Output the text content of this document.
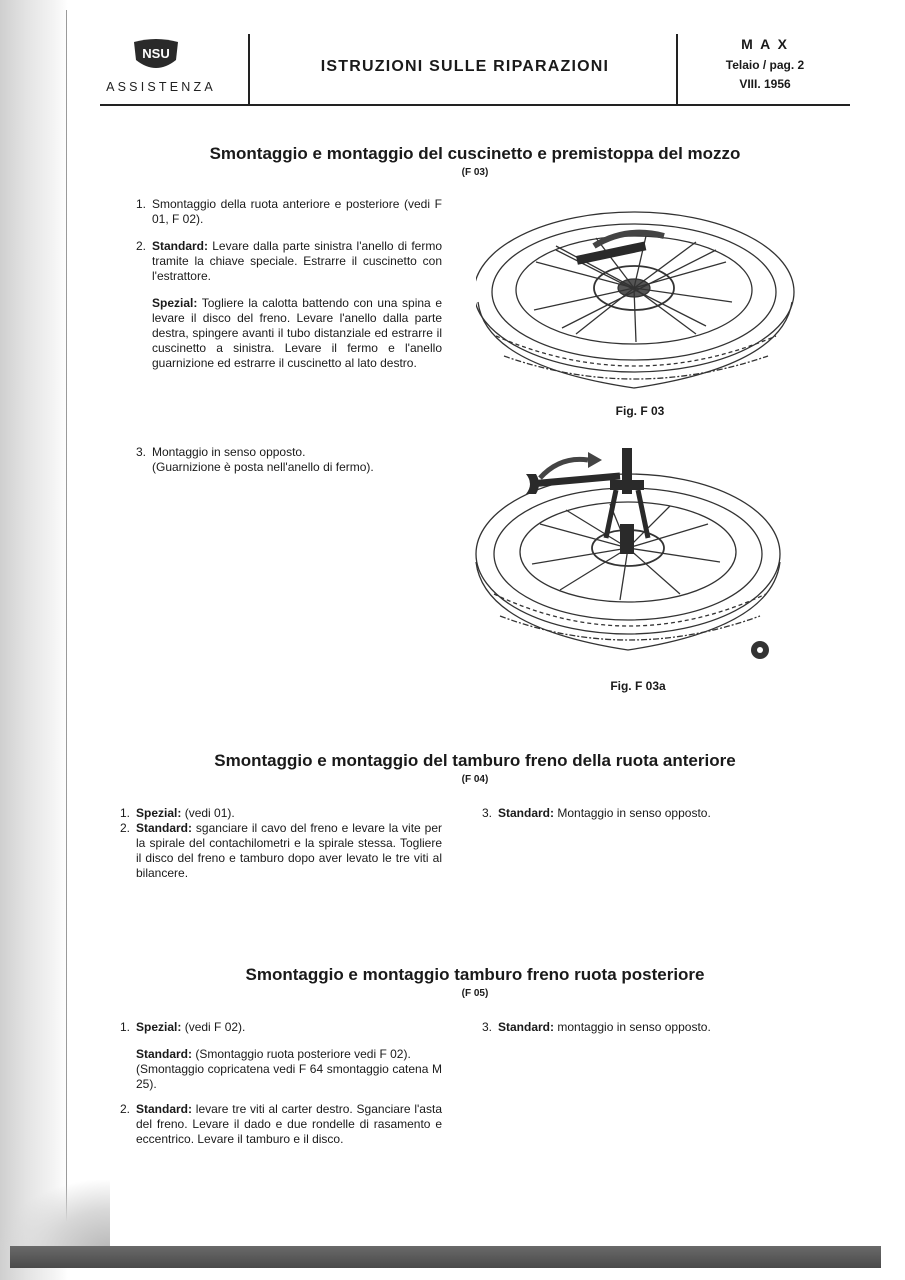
NSU
ASSISTENZA
ISTRUZIONI SULLE RIPARAZIONI
M A X
Telaio / pag. 2
VIII. 1956
Smontaggio e montaggio del cuscinetto e premistoppa del mozzo
(F 03)
1. Smontaggio della ruota anteriore e posteriore (vedi F 01, F 02).
2. Standard: Levare dalla parte sinistra l'anello di fermo tramite la chiave speciale. Estrarre il cuscinetto con l'estrattore.
Spezial: Togliere la calotta battendo con una spina e levare il disco del freno. Levare l'anello dalla parte destra, spingere avanti il tubo distanziale ed estrarre il cuscinetto a sinistra. Levare il fermo e l'anello guarnizione ed estrarre il cuscinetto al lato destro.
3. Montaggio in senso opposto.
(Guarnizione è posta nell'anello di fermo).
Fig. F 03
Fig. F 03a
Smontaggio e montaggio del tamburo freno della ruota anteriore
(F 04)
1. Spezial: (vedi 01).
2. Standard: sganciare il cavo del freno e levare la vite per la spirale del contachilometri e la spirale stessa. Togliere il disco del freno e tamburo dopo aver levato le tre viti al bilancere.
3. Standard: Montaggio in senso opposto.
Smontaggio e montaggio tamburo freno ruota posteriore
(F 05)
1. Spezial: (vedi F 02).
Standard: (Smontaggio ruota posteriore vedi F 02).
(Smontaggio copricatena vedi F 64 smontaggio catena M 25).
2. Standard: levare tre viti al carter destro. Sganciare l'asta del freno. Levare il dado e due rondelle di rasamento e eccentrico. Levare il tamburo e il disco.
3. Standard: montaggio in senso opposto.
